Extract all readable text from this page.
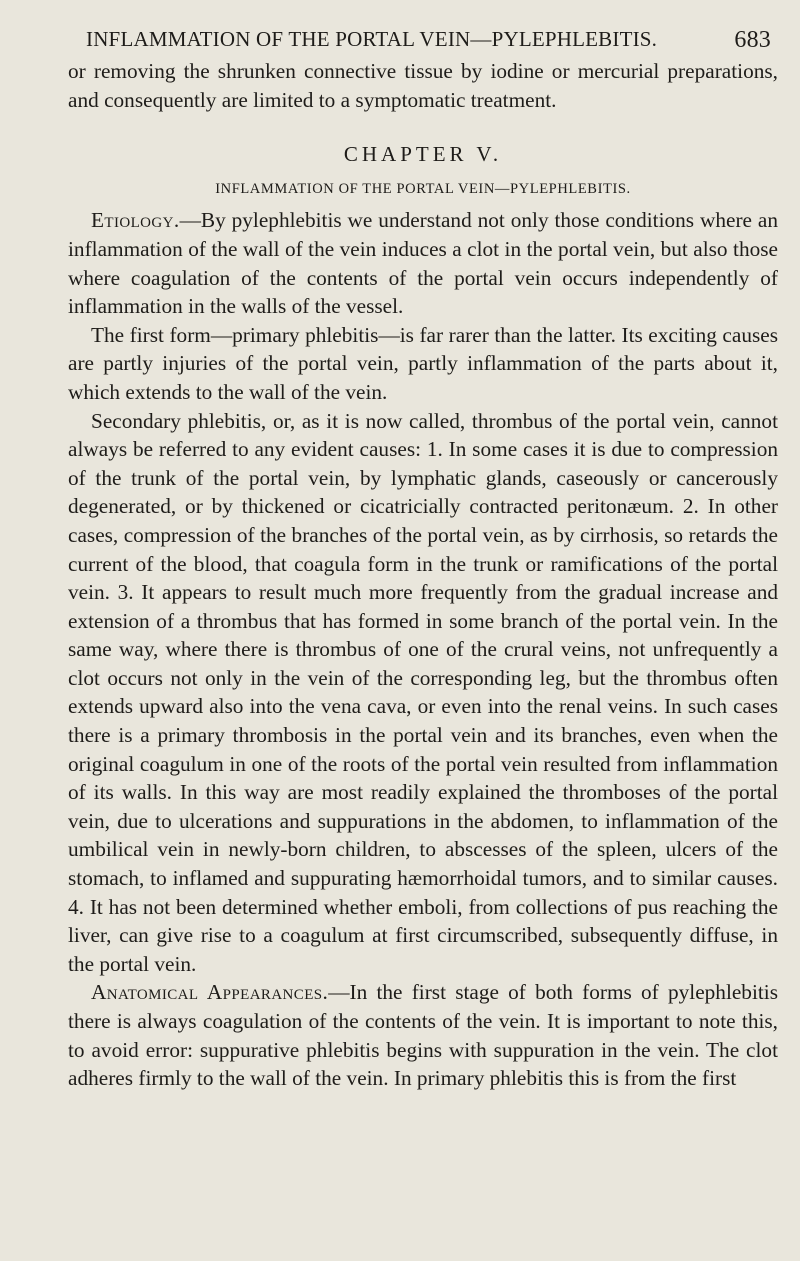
INFLAMMATION OF THE PORTAL VEIN—PYLEPHLEBITIS.	683

or removing the shrunken connective tissue by iodine or mercurial preparations, and consequently are limited to a symptomatic treatment.

CHAPTER V.

INFLAMMATION OF THE PORTAL VEIN—PYLEPHLEBITIS.

Etiology.—By pylephlebitis we understand not only those conditions where an inflammation of the wall of the vein induces a clot in the portal vein, but also those where coagulation of the contents of the portal vein occurs independently of inflammation in the walls of the vessel.

The first form—primary phlebitis—is far rarer than the latter. Its exciting causes are partly injuries of the portal vein, partly inflammation of the parts about it, which extends to the wall of the vein.

Secondary phlebitis, or, as it is now called, thrombus of the portal vein, cannot always be referred to any evident causes: 1. In some cases it is due to compression of the trunk of the portal vein, by lymphatic glands, caseously or cancerously degenerated, or by thickened or cicatricially contracted peritonæum. 2. In other cases, compression of the branches of the portal vein, as by cirrhosis, so retards the current of the blood, that coagula form in the trunk or ramifications of the portal vein. 3. It appears to result much more frequently from the gradual increase and extension of a thrombus that has formed in some branch of the portal vein. In the same way, where there is thrombus of one of the crural veins, not unfrequently a clot occurs not only in the vein of the corresponding leg, but the thrombus often extends upward also into the vena cava, or even into the renal veins. In such cases there is a primary thrombosis in the portal vein and its branches, even when the original coagulum in one of the roots of the portal vein resulted from inflammation of its walls. In this way are most readily explained the thromboses of the portal vein, due to ulcerations and suppurations in the abdomen, to inflammation of the umbilical vein in newly-born children, to abscesses of the spleen, ulcers of the stomach, to inflamed and suppurating hæmorrhoidal tumors, and to similar causes. 4. It has not been determined whether emboli, from collections of pus reaching the liver, can give rise to a coagulum at first circumscribed, subsequently diffuse, in the portal vein.

Anatomical Appearances.—In the first stage of both forms of pylephlebitis there is always coagulation of the contents of the vein. It is important to note this, to avoid error: suppurative phlebitis begins with suppuration in the vein. The clot adheres firmly to the wall of the vein. In primary phlebitis this is from the first
